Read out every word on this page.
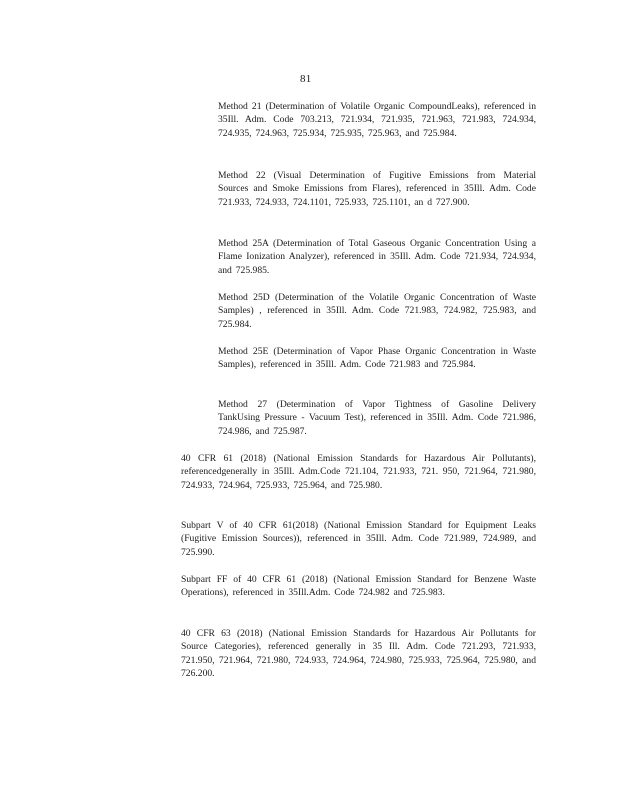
81

Method 21 (Determination of Volatile Organic CompoundLeaks), referenced in 35Ill. Adm. Code 703.213, 721.934, 721.935, 721.963, 721.983, 724.934, 724.935, 724.963, 725.934, 725.935, 725.963, and 725.984.

Method 22 (Visual Determination of Fugitive Emissions from Material Sources and Smoke Emissions from Flares), referenced in 35Ill. Adm. Code 721.933, 724.933, 724.1101, 725.933, 725.1101, an d 727.900.

Method 25A (Determination of Total Gaseous Organic Concentration Using a Flame Ionization Analyzer), referenced in 35Ill. Adm. Code 721.934, 724.934, and 725.985.

Method 25D (Determination of the Volatile Organic Concentration of Waste Samples) , referenced in 35Ill. Adm. Code 721.983, 724.982, 725.983, and 725.984.

Method 25E (Determination of Vapor Phase Organic Concentration in Waste Samples), referenced in 35Ill. Adm. Code 721.983 and 725.984.

Method 27 (Determination of Vapor Tightness of Gasoline Delivery TankUsing Pressure - Vacuum Test), referenced in 35Ill. Adm. Code 721.986, 724.986, and 725.987.

40 CFR 61 (2018) (National Emission Standards for Hazardous Air Pollutants), referencedgenerally in 35Ill. Adm.Code 721.104, 721.933, 721. 950, 721.964, 721.980, 724.933, 724.964, 725.933, 725.964, and 725.980.

Subpart V of 40 CFR 61(2018) (National Emission Standard for Equipment Leaks (Fugitive Emission Sources)), referenced in 35Ill. Adm. Code 721.989, 724.989, and 725.990.

Subpart FF of 40 CFR 61 (2018) (National Emission Standard for Benzene Waste Operations), referenced in 35Ill.Adm. Code 724.982 and 725.983.

40 CFR 63 (2018) (National Emission Standards for Hazardous Air Pollutants for Source Categories), referenced generally in 35 Ill. Adm. Code 721.293, 721.933, 721.950, 721.964, 721.980, 724.933, 724.964, 724.980, 725.933, 725.964, 725.980, and 726.200.
